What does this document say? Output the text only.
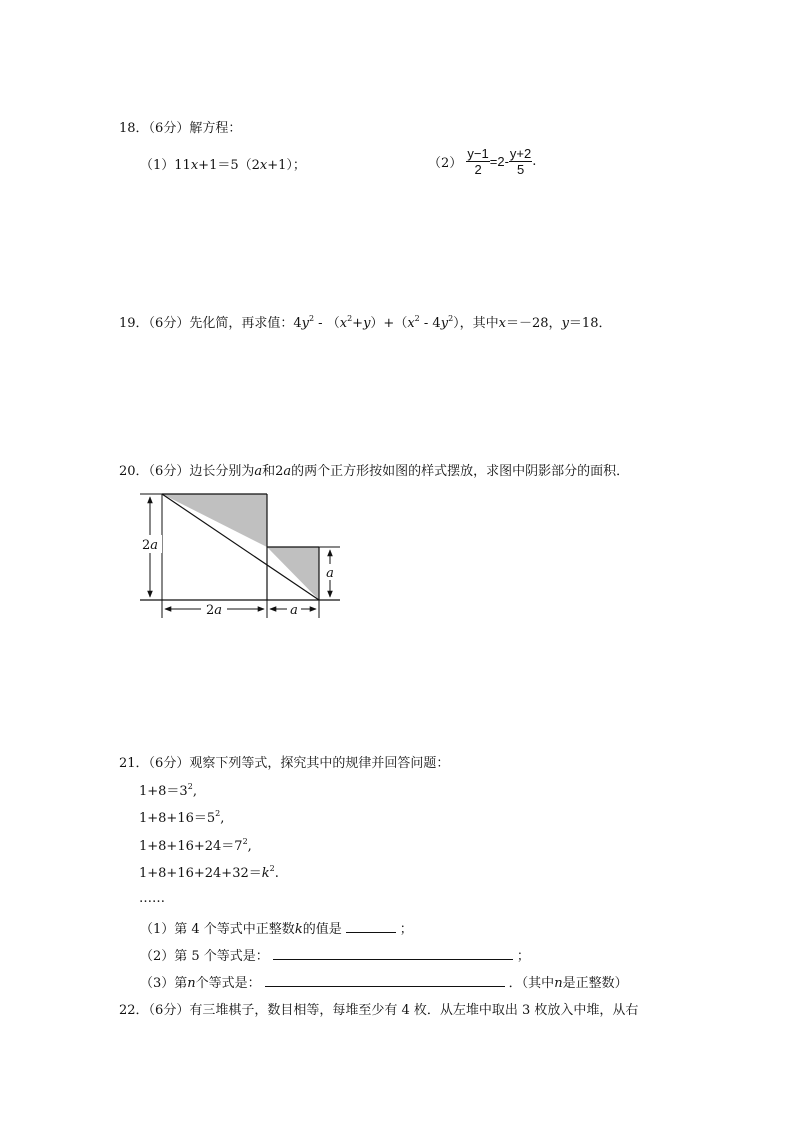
18．（6分）解方程：
（1）11x+1＝5（2x+1）；	$(2) \frac{y-1}{2} =2- \frac{y+2}{5}$ .
19．（6分）先化简，再求值：$4y^2 - (x^2+y)+(x^2 - 4y^2)$，其中x＝－28，y＝18．
20．（6分）边长分别为a和2a的两个正方形按如图的样式摆放，求图中阴影部分的面积．
2a
2a	a
a
21．（6分）观察下列等式，探究其中的规律并回答问题：
$1+8=3^2$,
$1+8+16=5^2$,
$1+8+16+24=7^2$,
$1+8+16+24+32=k^2$.
……
（1）第 4 个等式中正整数k的值是	；
（2）第 5 个等式是：	；
（3）第n个等式是：	．（其中n是正整数）
22．（6分）有三堆棋子，数目相等，每堆至少有 4 枚．从左堆中取出 3 枚放入中堆，从右
